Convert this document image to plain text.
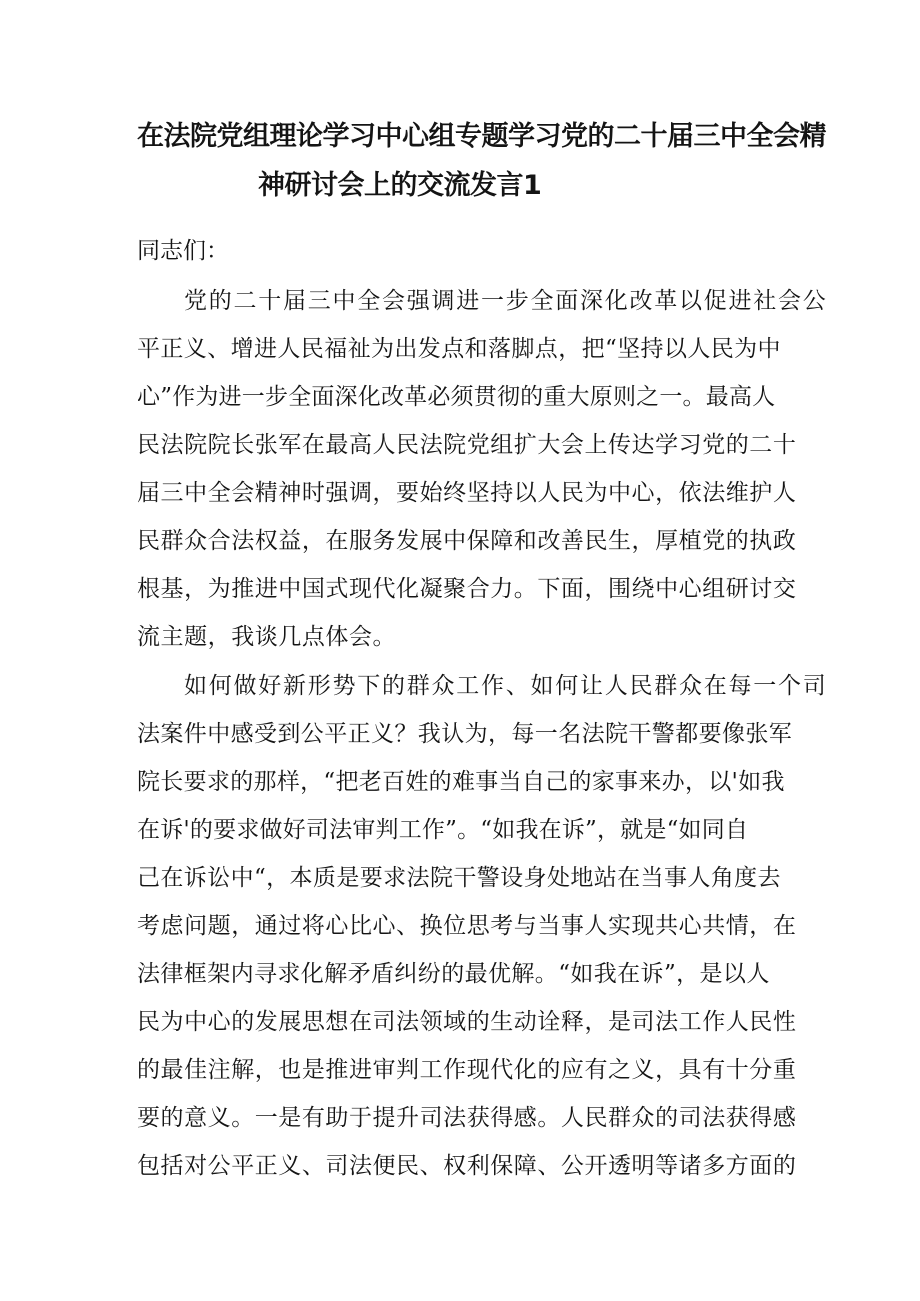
在法院党组理论学习中心组专题学习党的二十届三中全会精
神研讨会上的交流发言1
同志们：
党的二十届三中全会强调进一步全面深化改革以促进社会公
平正义、增进人民福祉为出发点和落脚点，把“坚持以人民为中
心”作为进一步全面深化改革必须贯彻的重大原则之一。最高人
民法院院长张军在最高人民法院党组扩大会上传达学习党的二十
届三中全会精神时强调，要始终坚持以人民为中心，依法维护人
民群众合法权益，在服务发展中保障和改善民生，厚植党的执政
根基，为推进中国式现代化凝聚合力。下面，围绕中心组研讨交
流主题，我谈几点体会。
如何做好新形势下的群众工作、如何让人民群众在每一个司
法案件中感受到公平正义？我认为，每一名法院干警都要像张军
院长要求的那样，“把老百姓的难事当自己的家事来办，以'如我
在诉'的要求做好司法审判工作”。“如我在诉”，就是“如同自
己在诉讼中“，本质是要求法院干警设身处地站在当事人角度去
考虑问题，通过将心比心、换位思考与当事人实现共心共情，在
法律框架内寻求化解矛盾纠纷的最优解。“如我在诉”，是以人
民为中心的发展思想在司法领域的生动诠释，是司法工作人民性
的最佳注解，也是推进审判工作现代化的应有之义，具有十分重
要的意义。一是有助于提升司法获得感。人民群众的司法获得感
包括对公平正义、司法便民、权利保障、公开透明等诸多方面的
